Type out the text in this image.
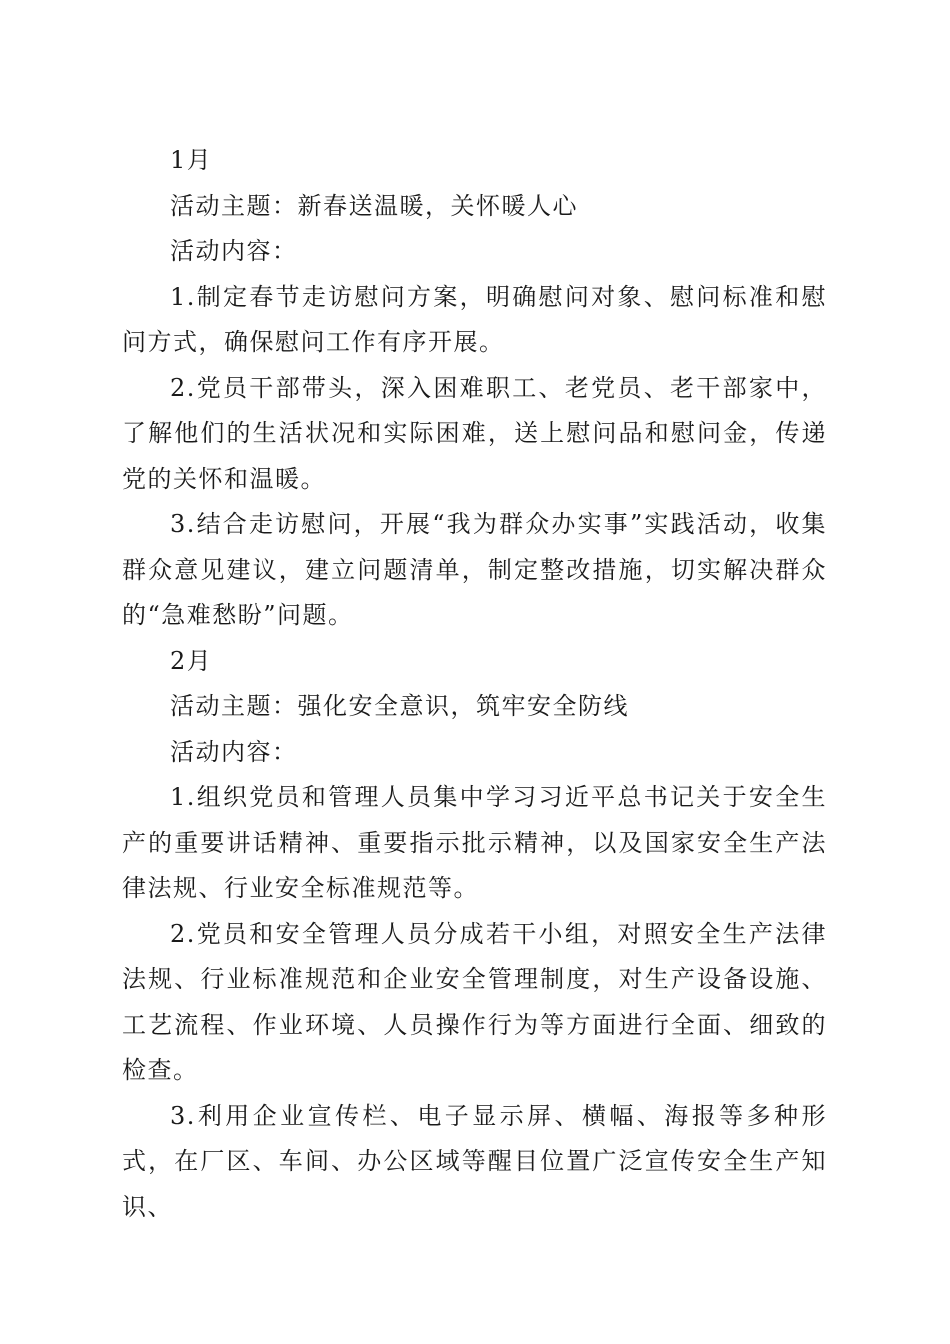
1月

活动主题：新春送温暖，关怀暖人心

活动内容：

1.制定春节走访慰问方案，明确慰问对象、慰问标准和慰问方式，确保慰问工作有序开展。

2.党员干部带头，深入困难职工、老党员、老干部家中，了解他们的生活状况和实际困难，送上慰问品和慰问金，传递党的关怀和温暖。

3.结合走访慰问，开展“我为群众办实事”实践活动，收集群众意见建议，建立问题清单，制定整改措施，切实解决群众的“急难愁盼”问题。

2月

活动主题：强化安全意识，筑牢安全防线

活动内容：

1.组织党员和管理人员集中学习习近平总书记关于安全生产的重要讲话精神、重要指示批示精神，以及国家安全生产法律法规、行业安全标准规范等。

2.党员和安全管理人员分成若干小组，对照安全生产法律法规、行业标准规范和企业安全管理制度，对生产设备设施、工艺流程、作业环境、人员操作行为等方面进行全面、细致的检查。

3.利用企业宣传栏、电子显示屏、横幅、海报等多种形式，在厂区、车间、办公区域等醒目位置广泛宣传安全生产知识、
